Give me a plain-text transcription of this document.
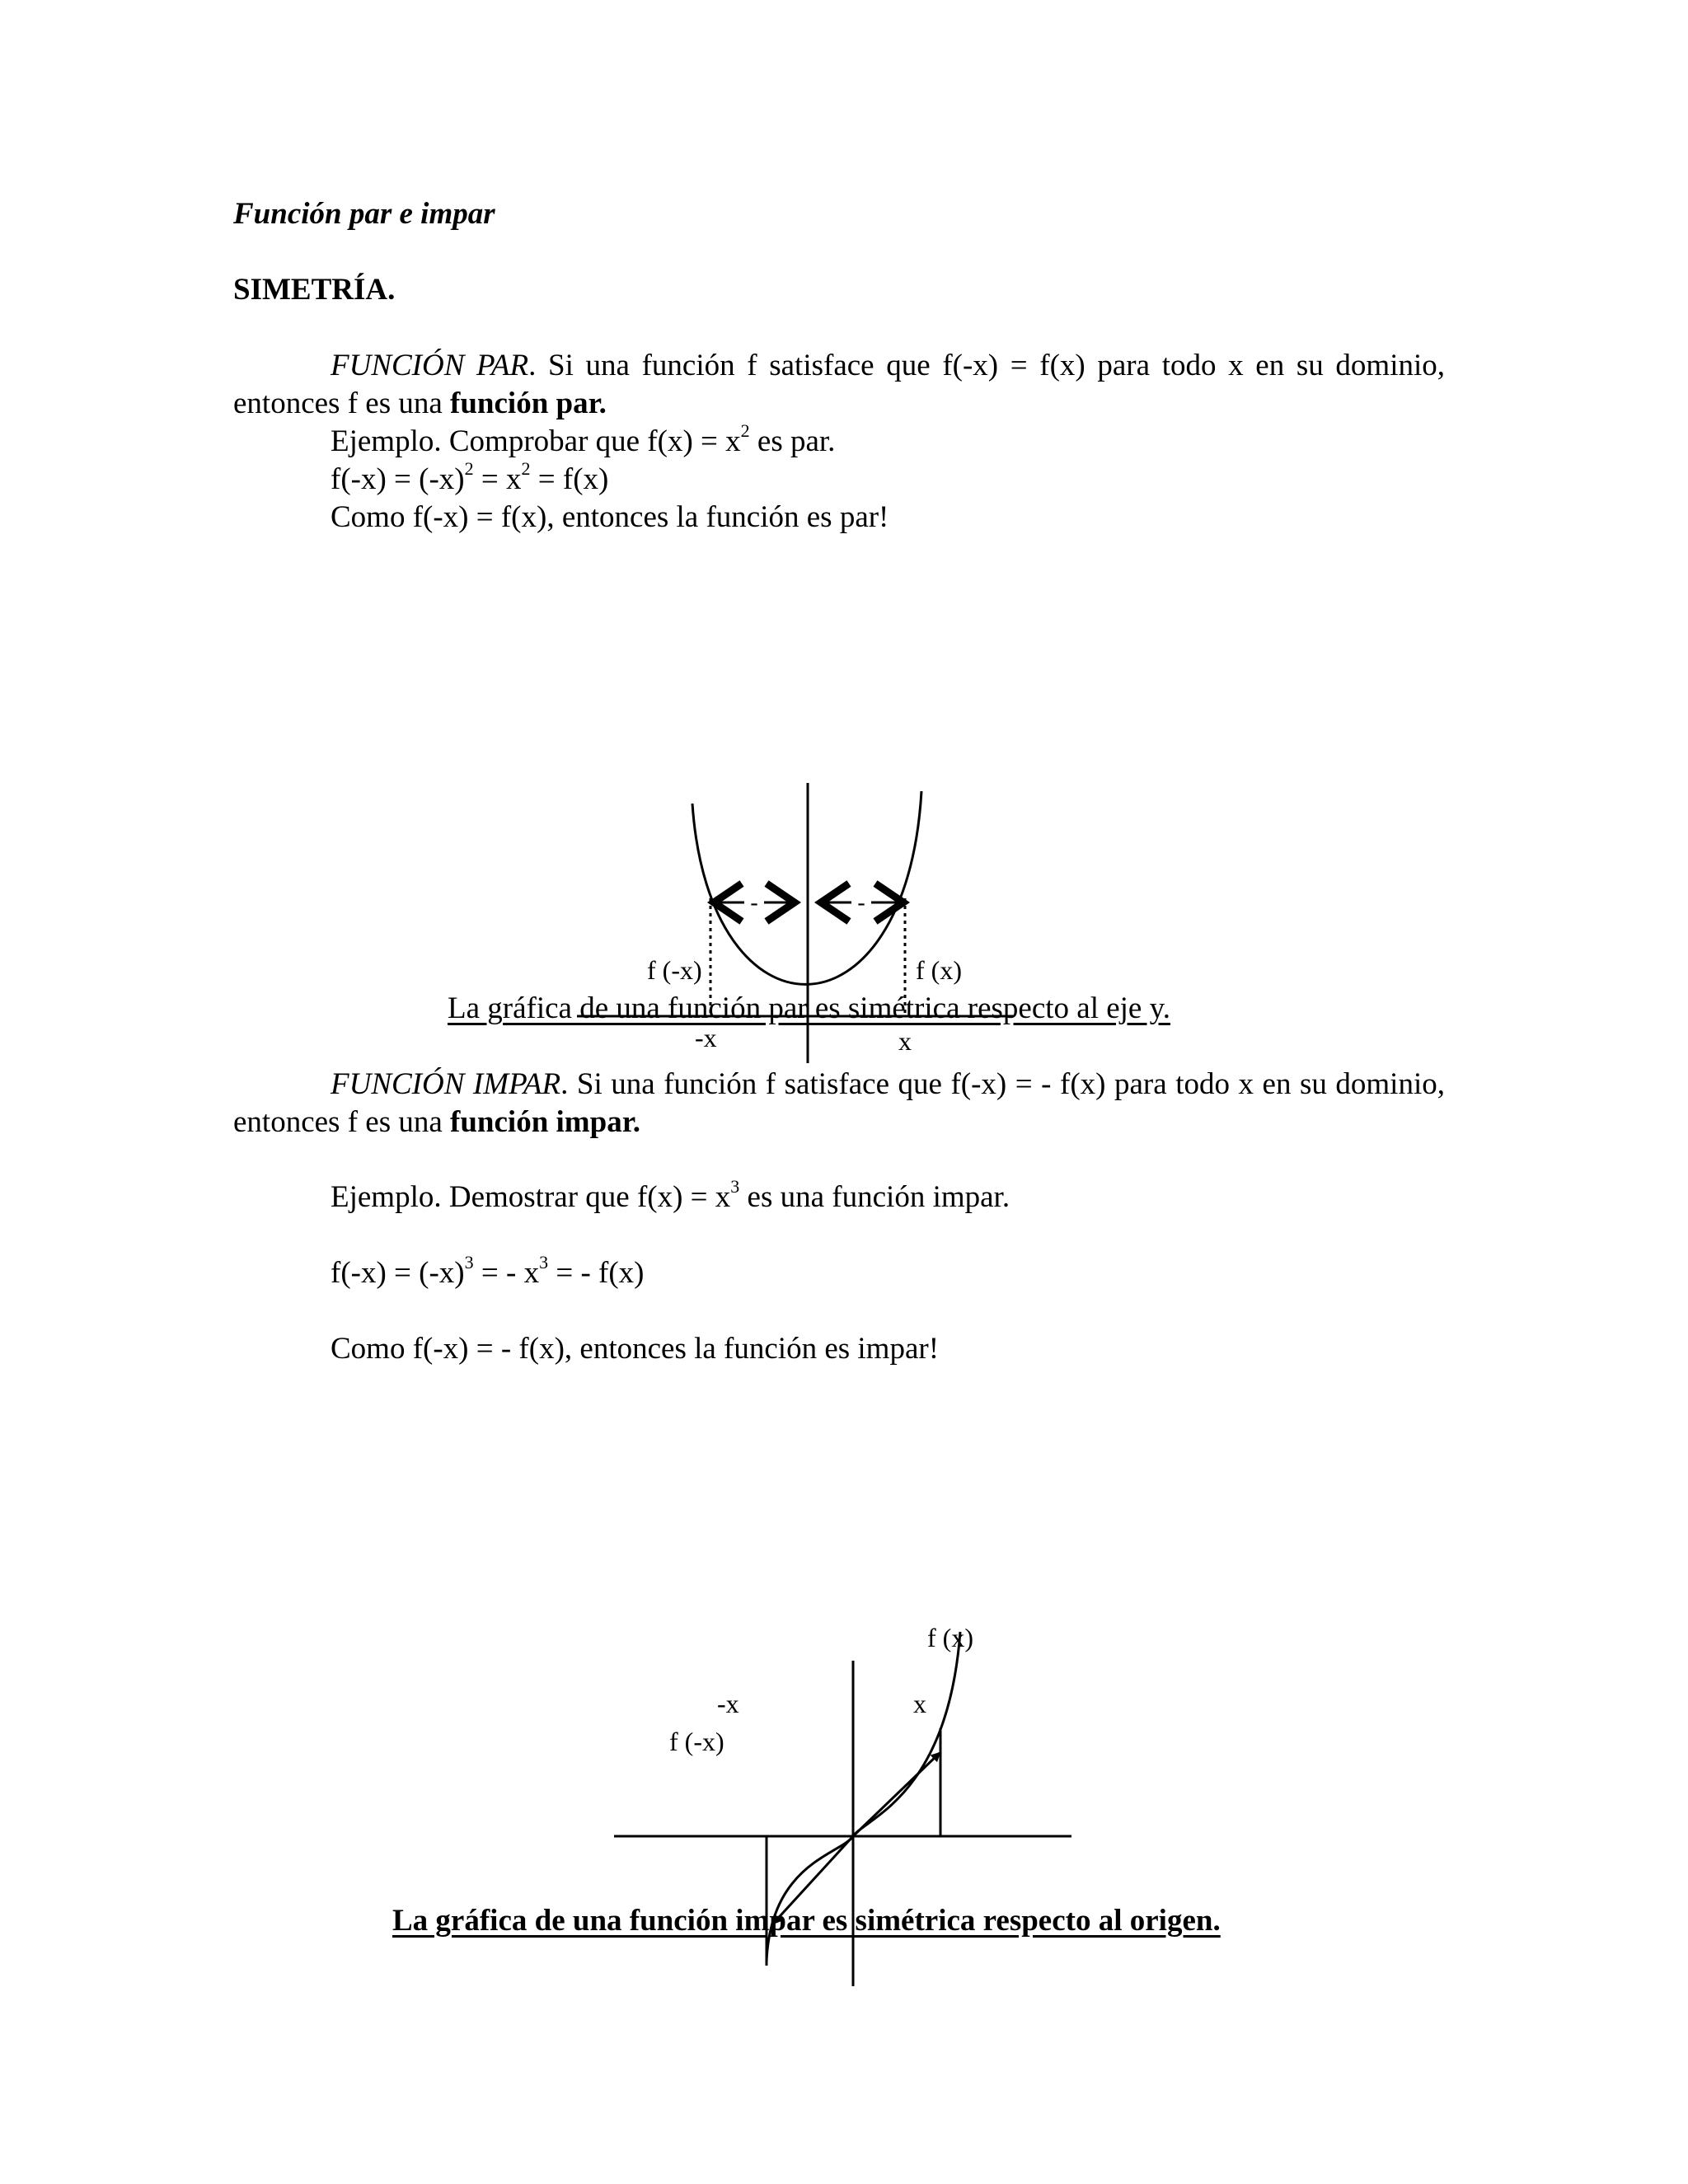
Función par e impar
SIMETRÍA.
FUNCIÓN PAR. Si una función f satisface que f(-x) = f(x) para todo x en su dominio, entonces f es una función par.
Ejemplo. Comprobar que $f(x) = x^2$ es par.
$f(-x) = (-x)^2 = x^2 = f(x)$
Como f(-x) = f(x), entonces la función es par!
-	-
f (-x)	f (x)
-x	x
La gráfica de una función par es simétrica respecto al eje y.
FUNCIÓN IMPAR. Si una función f satisface que f(-x) = - f(x) para todo x en su dominio, entonces f es una función impar.
Ejemplo. Demostrar que $f(x) = x^3$ es una función impar.
$f(-x) = (-x)^3$ = - $x^3$ = - f(x)
Como f(-x) = - f(x), entonces la función es impar!
f (x)
-x	x
f (-x)
La gráfica de una función impar es simétrica respecto al origen.
